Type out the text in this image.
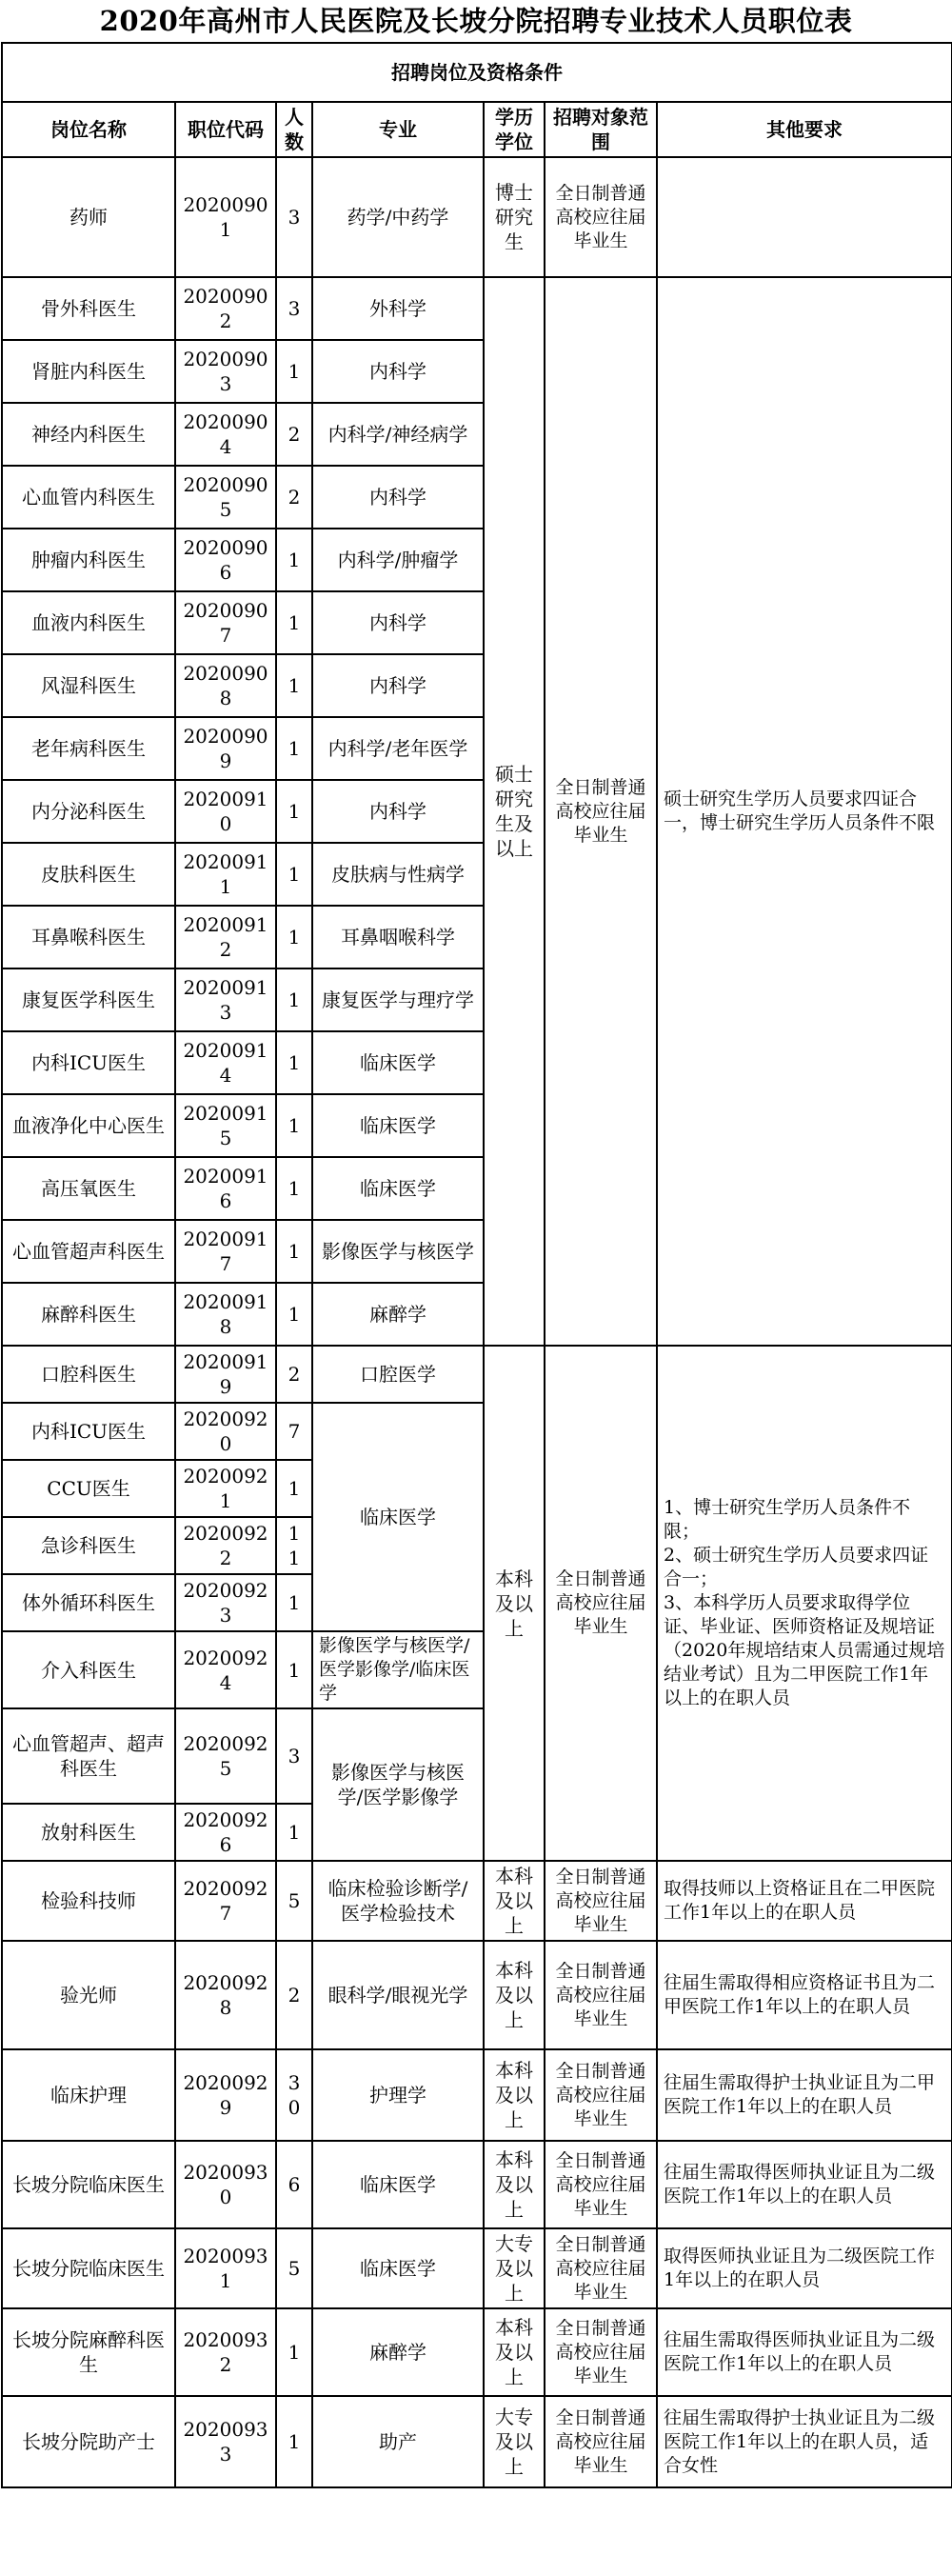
2020年高州市人民医院及长坡分院招聘专业技术人员职位表
招聘岗位及资格条件						
岗位名称	职位代码	人数	专业	学历学位	招聘对象范围	其他要求
药师	20200901	3	药学/中药学	博士研究生	全日制普通高校应往届毕业生	
骨外科医生	20200902	3	外科学	硕士研究生及以上	全日制普通高校应往届毕业生	硕士研究生学历人员要求四证合一，博士研究生学历人员条件不限
肾脏内科医生	20200903	1	内科学			
神经内科医生	20200904	2	内科学/神经病学			
心血管内科医生	20200905	2	内科学			
肿瘤内科医生	20200906	1	内科学/肿瘤学			
血液内科医生	20200907	1	内科学			
风湿科医生	20200908	1	内科学			
老年病科医生	20200909	1	内科学/老年医学			
内分泌科医生	20200910	1	内科学			
皮肤科医生	20200911	1	皮肤病与性病学			
耳鼻喉科医生	20200912	1	耳鼻咽喉科学			
康复医学科医生	20200913	1	康复医学与理疗学			
内科ICU医生	20200914	1	临床医学			
血液净化中心医生	20200915	1	临床医学			
高压氧医生	20200916	1	临床医学			
心血管超声科医生	20200917	1	影像医学与核医学			
麻醉科医生	20200918	1	麻醉学			
口腔科医生	20200919	2	口腔医学	本科及以上	全日制普通高校应往届毕业生	1、博士研究生学历人员条件不限；
2、硕士研究生学历人员要求四证合一；
3、本科学历人员要求取得学位证、毕业证、医师资格证及规培证（2020年规培结束人员需通过规培结业考试）且为二甲医院工作1年以上的在职人员
内科ICU医生	20200920	7	临床医学			
CCU医生	20200921	1				
急诊科医生	20200922	11				
体外循环科医生	20200923	1				
介入科医生	20200924	1	影像医学与核医学/医学影像学/临床医学			
心血管超声、超声科医生	20200925	3	影像医学与核医学/医学影像学			
放射科医生	20200926	1				
检验科技师	20200927	5	临床检验诊断学/医学检验技术	本科及以上	全日制普通高校应往届毕业生	取得技师以上资格证且在二甲医院工作1年以上的在职人员
验光师	20200928	2	眼科学/眼视光学	本科及以上	全日制普通高校应往届毕业生	往届生需取得相应资格证书且为二甲医院工作1年以上的在职人员
临床护理	20200929	30	护理学	本科及以上	全日制普通高校应往届毕业生	往届生需取得护士执业证且为二甲医院工作1年以上的在职人员
长坡分院临床医生	20200930	6	临床医学	本科及以上	全日制普通高校应往届毕业生	往届生需取得医师执业证且为二级医院工作1年以上的在职人员
长坡分院临床医生	20200931	5	临床医学	大专及以上	全日制普通高校应往届毕业生	取得医师执业证且为二级医院工作1年以上的在职人员
长坡分院麻醉科医生	20200932	1	麻醉学	本科及以上	全日制普通高校应往届毕业生	往届生需取得医师执业证且为二级医院工作1年以上的在职人员
长坡分院助产士	20200933	1	助产	大专及以上	全日制普通高校应往届毕业生	往届生需取得护士执业证且为二级医院工作1年以上的在职人员，适合女性
